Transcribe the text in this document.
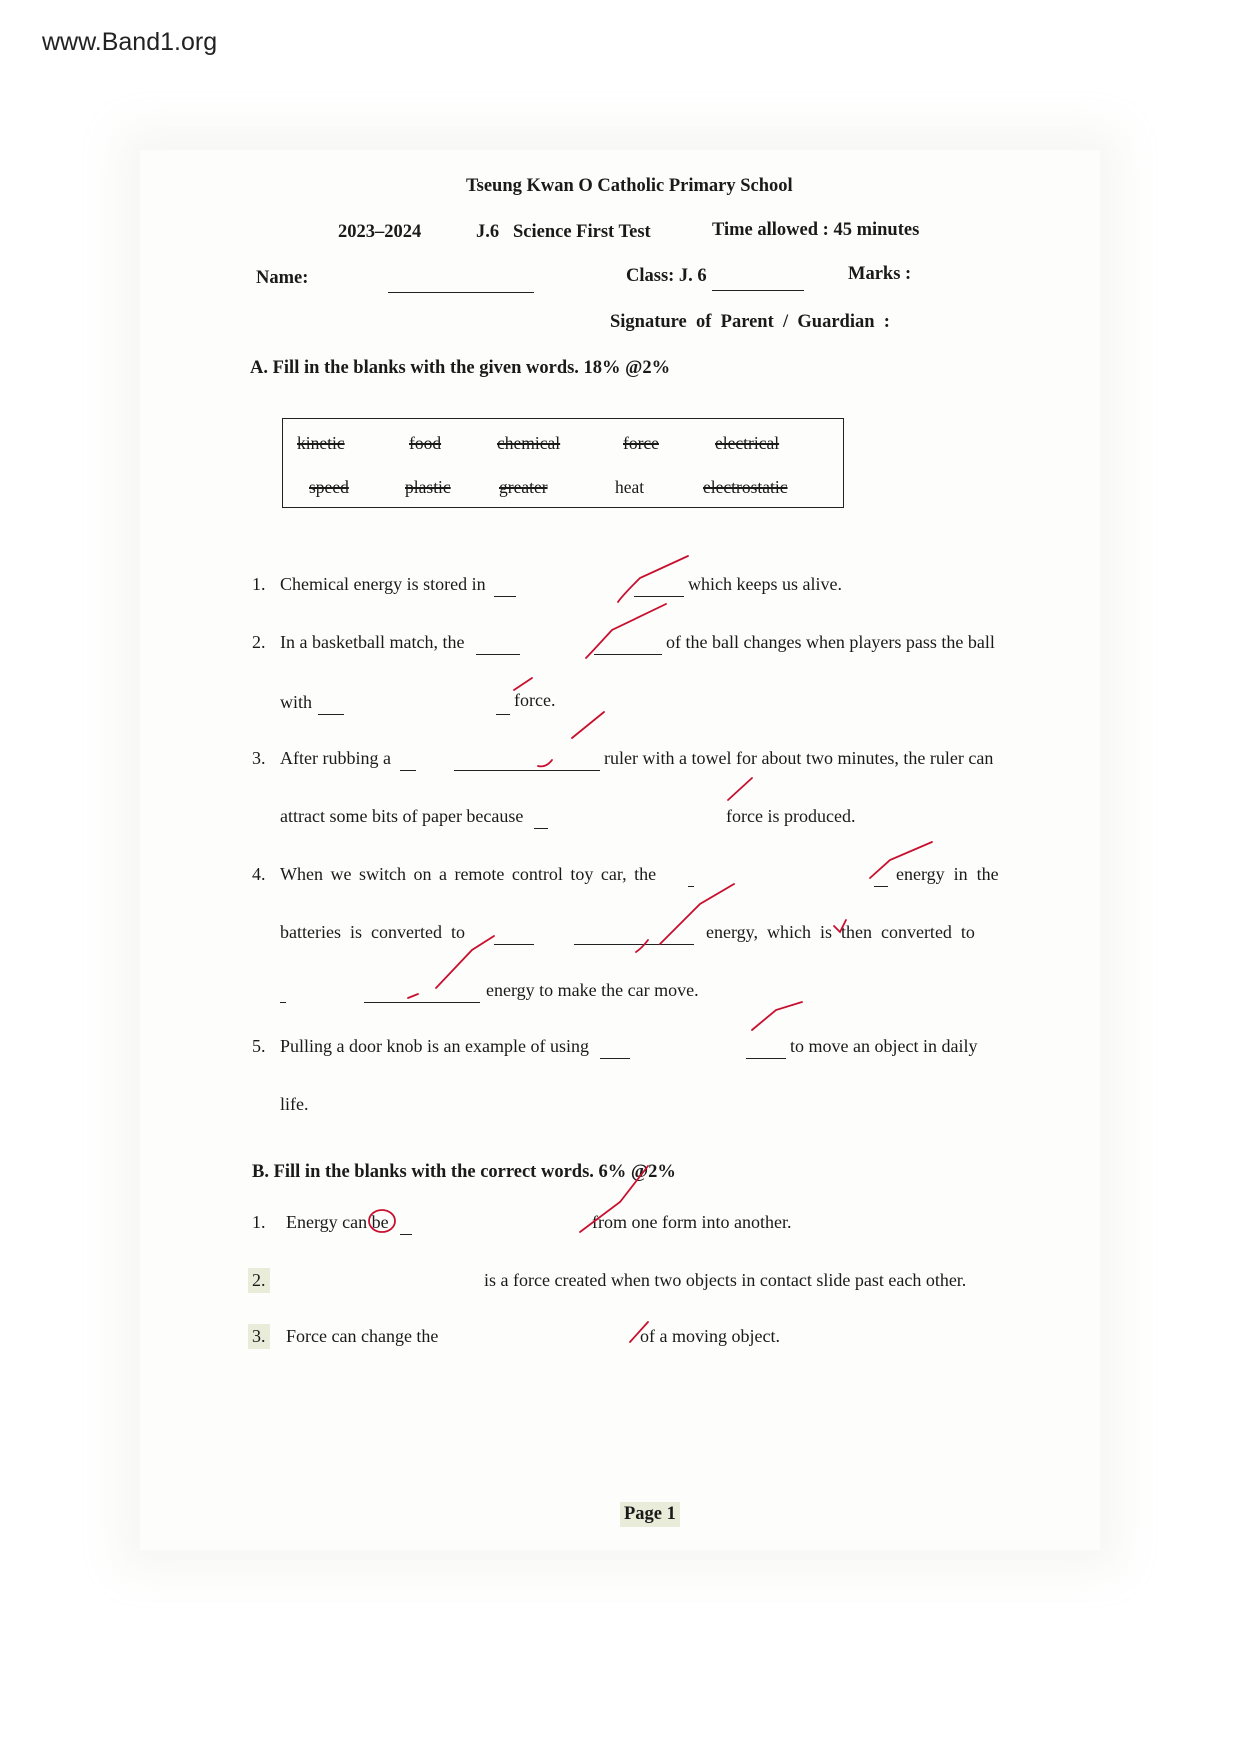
www.Band1.org
Tseung Kwan O Catholic Primary School
2023–2024	J.6   Science First Test	Time allowed : 45 minutes
Name:	Class: J. 6	Marks :
Signature  of  Parent  /  Guardian  :
A. Fill in the blanks with the given words. 18% @2%
kinetic	food	chemical	force	electrical
speed	plastic	greater	heat	electrostatic
1. Chemical energy is stored in	which keeps us alive.
2. In a basketball match, the	of the ball changes when players pass the ball
with	force.
3. After rubbing a	ruler with a towel for about two minutes, the ruler can
attract some bits of paper because	force is produced.
4. When we switch on a remote control toy car, the	energy  in  the
batteries  is  converted  to	energy,  which  is  then  converted  to
energy to make the car move.
5. Pulling a door knob is an example of using	to move an object in daily
life.
B. Fill in the blanks with the correct words. 6% @2%
1. Energy can be	from one form into another.
2.	is a force created when two objects in contact slide past each other.
3. Force can change the	of a moving object.
Page 1
